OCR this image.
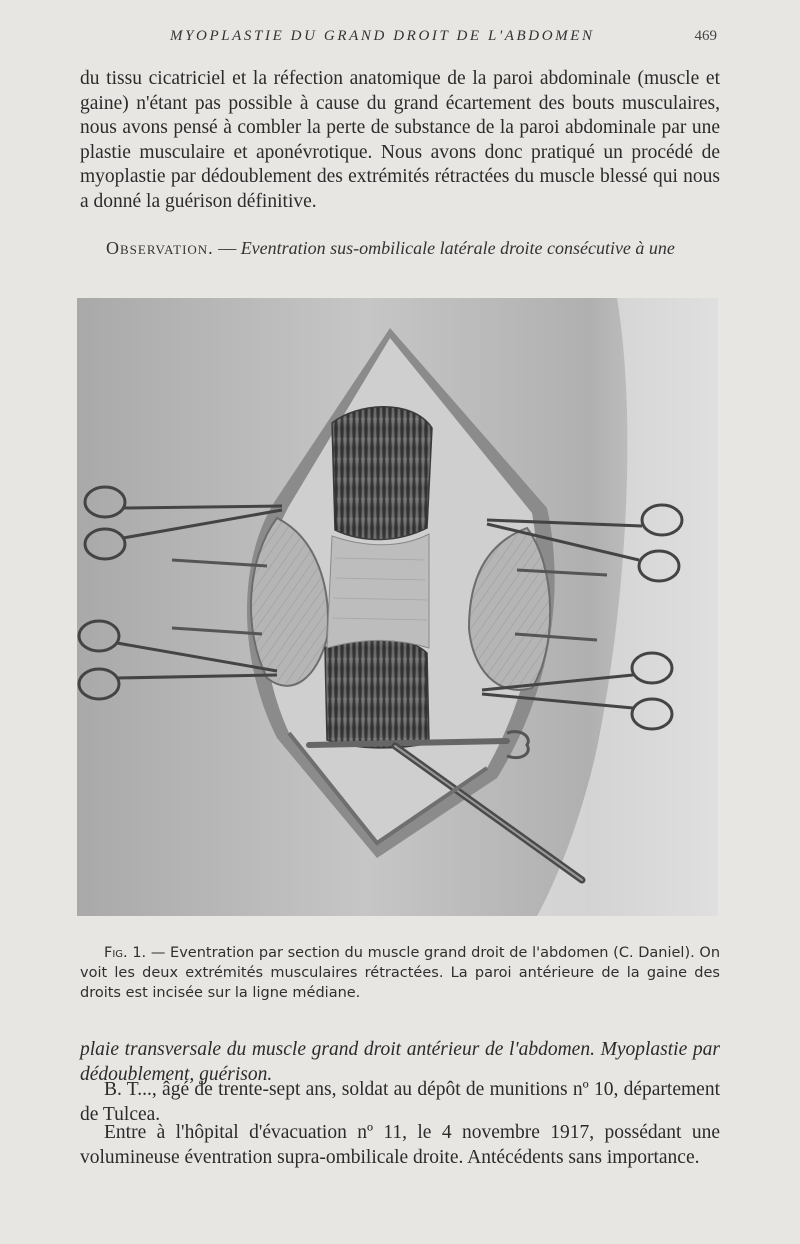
MYOPLASTIE DU GRAND DROIT DE L'ABDOMEN	469

du tissu cicatriciel et la réfection anatomique de la paroi abdominale (muscle et gaine) n'étant pas possible à cause du grand écartement des bouts musculaires, nous avons pensé à combler la perte de substance de la paroi abdominale par une plastie musculaire et aponévrotique. Nous avons donc pratiqué un procédé de myoplastie par dédoublement des extrémités rétractées du muscle blessé qui nous a donné la guérison définitive.

Observation. — Eventration sus-ombilicale latérale droite consécutive à une
Fig. 1. — Eventration par section du muscle grand droit de l'abdomen (C. Daniel). On voit les deux extrémités musculaires rétractées. La paroi antérieure de la gaine des droits est incisée sur la ligne médiane.

plaie transversale du muscle grand droit antérieur de l'abdomen. Myoplastie par dédoublement, guérison.

B. T..., âgé de trente-sept ans, soldat au dépôt de munitions nº 10, département de Tulcea.

Entre à l'hôpital d'évacuation nº 11, le 4 novembre 1917, possédant une volumineuse éventration supra-ombilicale droite. Antécédents sans importance.
